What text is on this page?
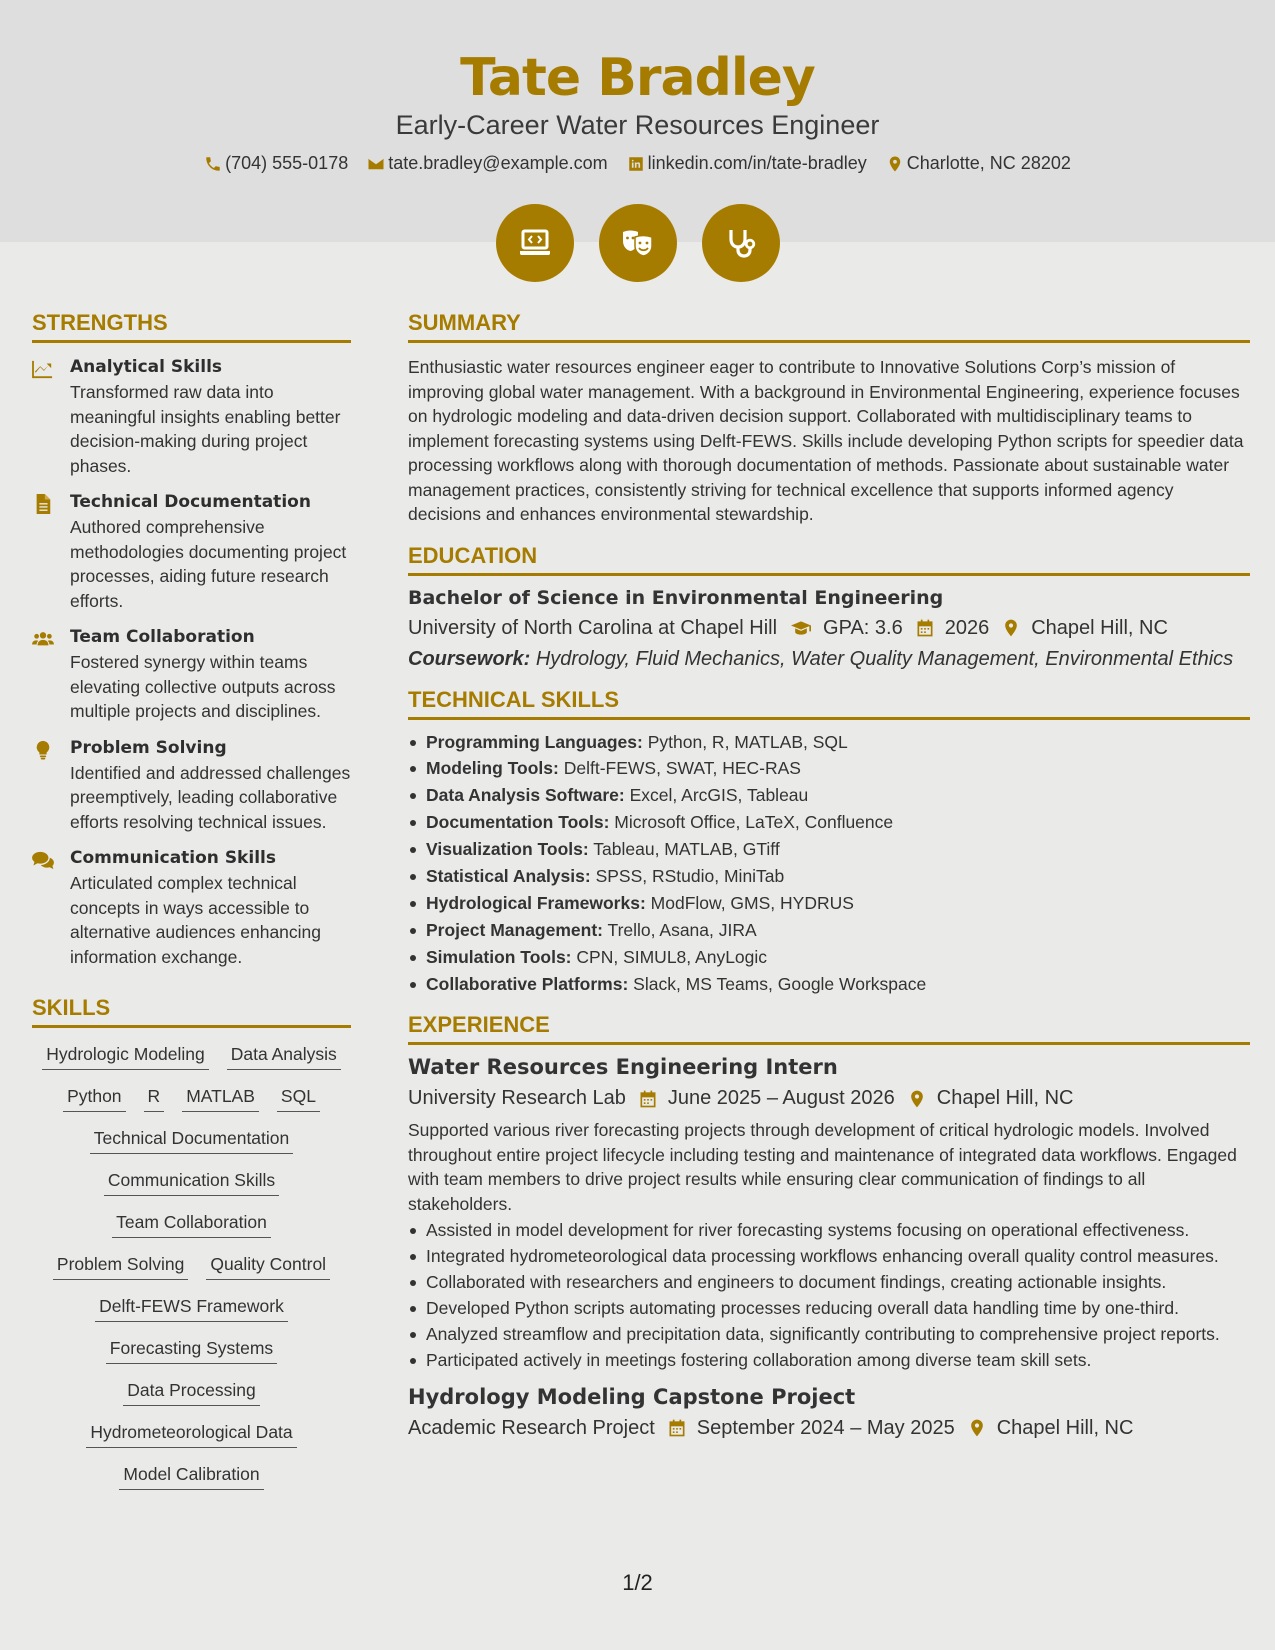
Tate Bradley
Early-Career Water Resources Engineer
(704) 555-0178
tate.bradley@example.com
linkedin.com/in/tate-bradley
Charlotte, NC 28202
STRENGTHS
Analytical Skills
Transformed raw data into meaningful insights enabling better decision-making during project phases.
Technical Documentation
Authored comprehensive methodologies documenting project processes, aiding future research efforts.
Team Collaboration
Fostered synergy within teams elevating collective outputs across multiple projects and disciplines.
Problem Solving
Identified and addressed challenges preemptively, leading collaborative efforts resolving technical issues.
Communication Skills
Articulated complex technical concepts in ways accessible to alternative audiences enhancing information exchange.
SKILLS
Hydrologic Modeling Data Analysis
Python R MATLAB SQL
Technical Documentation
Communication Skills
Team Collaboration
Problem Solving Quality Control
Delft-FEWS Framework
Forecasting Systems
Data Processing
Hydrometeorological Data
Model Calibration
SUMMARY
Enthusiastic water resources engineer eager to contribute to Innovative Solutions Corp’s mission of improving global water management. With a background in Environmental Engineering, experience focuses on hydrologic modeling and data-driven decision support. Collaborated with multidisciplinary teams to implement forecasting systems using Delft-FEWS. Skills include developing Python scripts for speedier data processing workflows along with thorough documentation of methods. Passionate about sustainable water management practices, consistently striving for technical excellence that supports informed agency decisions and enhances environmental stewardship.
EDUCATION
Bachelor of Science in Environmental Engineering
University of North Carolina at Chapel Hill GPA: 3.6 2026 Chapel Hill, NC
Coursework: Hydrology, Fluid Mechanics, Water Quality Management, Environmental Ethics
TECHNICAL SKILLS
Programming Languages: Python, R, MATLAB, SQL
Modeling Tools: Delft-FEWS, SWAT, HEC-RAS
Data Analysis Software: Excel, ArcGIS, Tableau
Documentation Tools: Microsoft Office, LaTeX, Confluence
Visualization Tools: Tableau, MATLAB, GTiff
Statistical Analysis: SPSS, RStudio, MiniTab
Hydrological Frameworks: ModFlow, GMS, HYDRUS
Project Management: Trello, Asana, JIRA
Simulation Tools: CPN, SIMUL8, AnyLogic
Collaborative Platforms: Slack, MS Teams, Google Workspace
EXPERIENCE
Water Resources Engineering Intern
University Research Lab June 2025 – August 2026 Chapel Hill, NC
Supported various river forecasting projects through development of critical hydrologic models. Involved throughout entire project lifecycle including testing and maintenance of integrated data workflows. Engaged with team members to drive project results while ensuring clear communication of findings to all stakeholders.
Assisted in model development for river forecasting systems focusing on operational effectiveness.
Integrated hydrometeorological data processing workflows enhancing overall quality control measures.
Collaborated with researchers and engineers to document findings, creating actionable insights.
Developed Python scripts automating processes reducing overall data handling time by one-third.
Analyzed streamflow and precipitation data, significantly contributing to comprehensive project reports.
Participated actively in meetings fostering collaboration among diverse team skill sets.
Hydrology Modeling Capstone Project
Academic Research Project September 2024 – May 2025 Chapel Hill, NC
1/2
